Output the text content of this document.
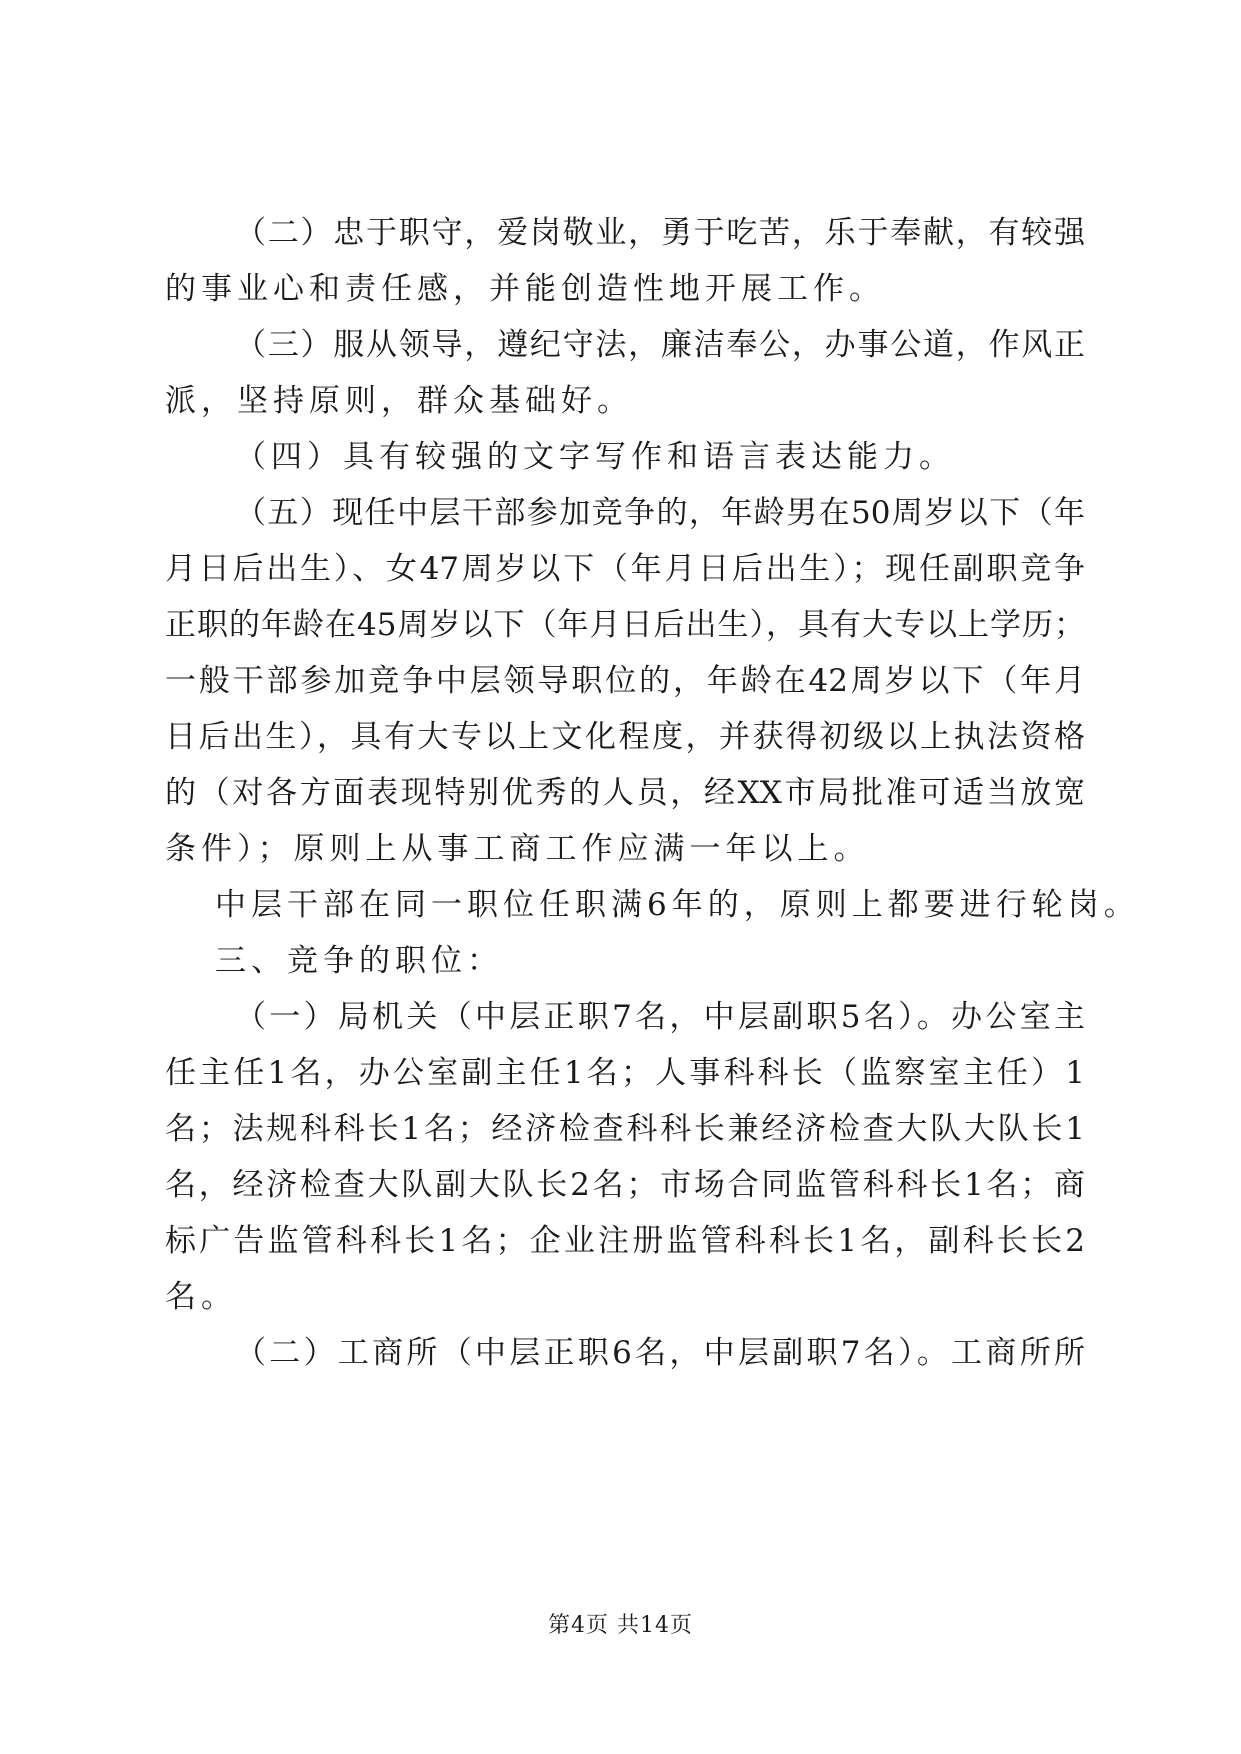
（二）忠于职守，爱岗敬业，勇于吃苦，乐于奉献，有较强
的事业心和责任感，并能创造性地开展工作。
（三）服从领导，遵纪守法，廉洁奉公，办事公道，作风正
派，坚持原则，群众基础好。
（四）具有较强的文字写作和语言表达能力。
（五）现任中层干部参加竞争的，年龄男在50周岁以下（年
月日后出生）、女47周岁以下（年月日后出生）；现任副职竞争
正职的年龄在45周岁以下（年月日后出生），具有大专以上学历；
一般干部参加竞争中层领导职位的，年龄在42周岁以下（年月
日后出生），具有大专以上文化程度，并获得初级以上执法资格
的（对各方面表现特别优秀的人员，经XX市局批准可适当放宽
条件）；原则上从事工商工作应满一年以上。
中层干部在同一职位任职满6年的，原则上都要进行轮岗。
三、竞争的职位：
（一）局机关（中层正职7名，中层副职5名）。办公室主
任主任1名，办公室副主任1名；人事科科长（监察室主任）1
名；法规科科长1名；经济检查科科长兼经济检查大队大队长1
名，经济检查大队副大队长2名；市场合同监管科科长1名；商
标广告监管科科长1名；企业注册监管科科长1名，副科长长2
名。
（二）工商所（中层正职6名，中层副职7名）。工商所所
第4页 共14页
